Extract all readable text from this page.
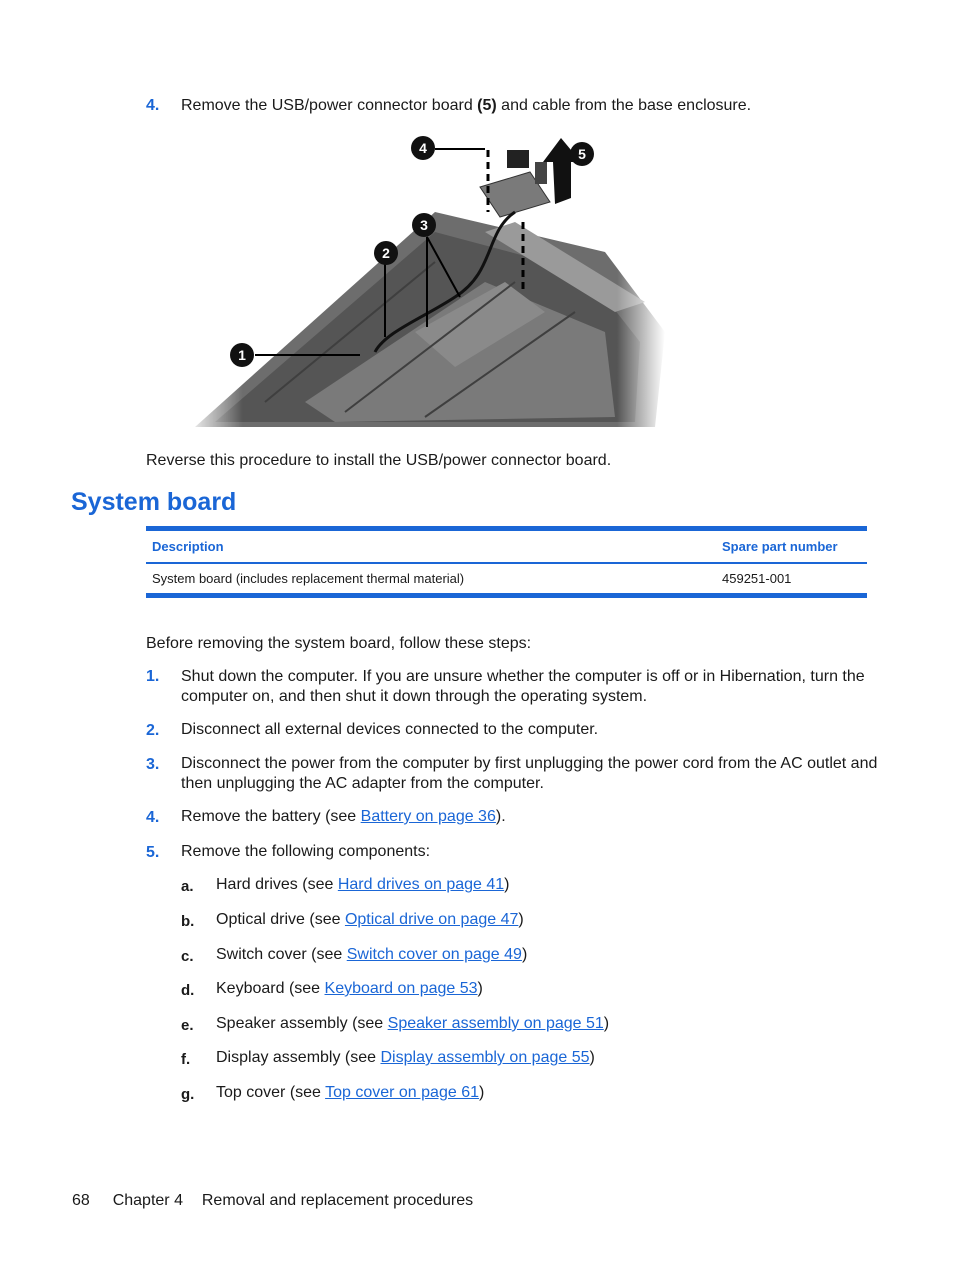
4. Remove the USB/power connector board (5) and cable from the base enclosure.
1
2
3
4	5
Reverse this procedure to install the USB/power connector board.
System board
Description	Spare part number
System board (includes replacement thermal material)	459251-001
Before removing the system board, follow these steps:
1. Shut down the computer. If you are unsure whether the computer is off or in Hibernation, turn the computer on, and then shut it down through the operating system.
2. Disconnect all external devices connected to the computer.
3. Disconnect the power from the computer by first unplugging the power cord from the AC outlet and then unplugging the AC adapter from the computer.
4. Remove the battery (see Battery on page 36).
5. Remove the following components:
a. Hard drives (see Hard drives on page 41)
b. Optical drive (see Optical drive on page 47)
c. Switch cover (see Switch cover on page 49)
d. Keyboard (see Keyboard on page 53)
e. Speaker assembly (see Speaker assembly on page 51)
f. Display assembly (see Display assembly on page 55)
g. Top cover (see Top cover on page 61)
68 Chapter 4 Removal and replacement procedures
